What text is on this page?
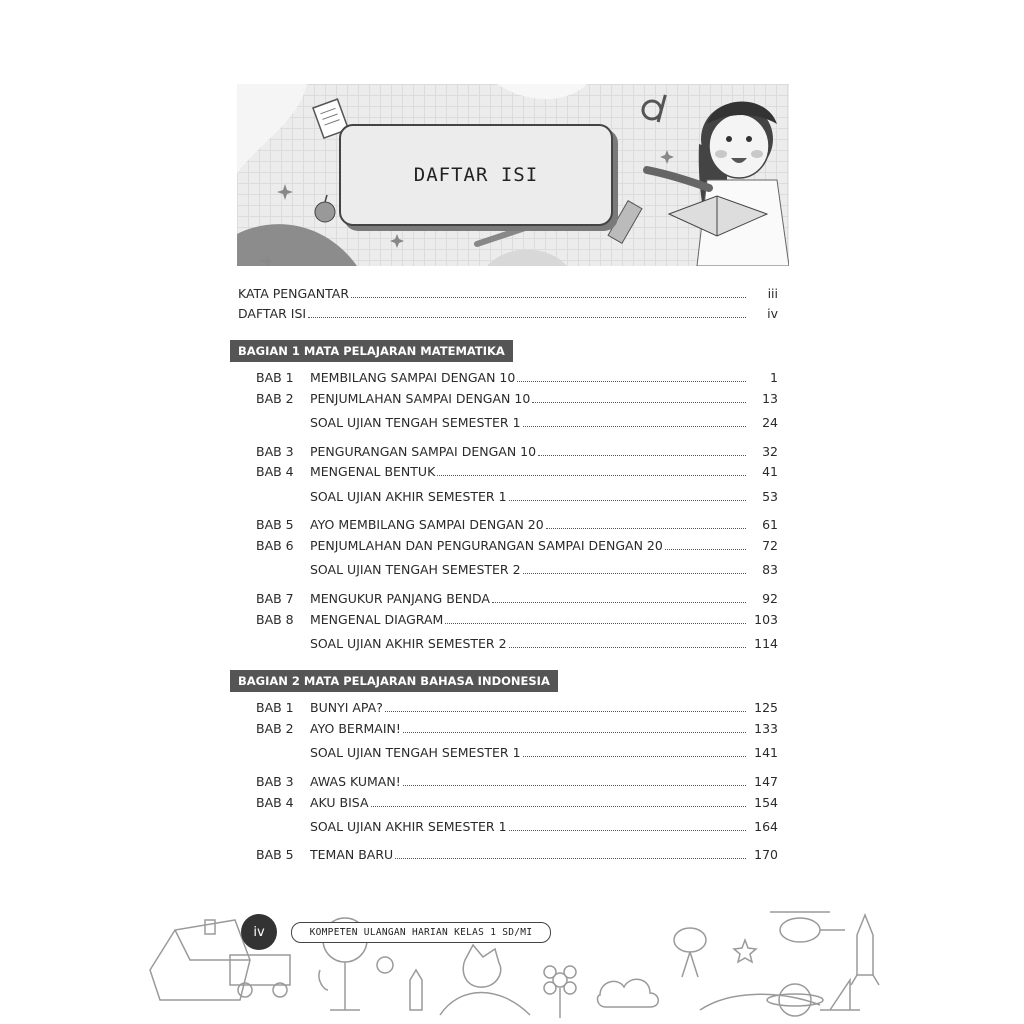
DAFTAR ISI
KATA PENGANTAR	iii
DAFTAR ISI	iv
BAGIAN 1 MATA PELAJARAN MATEMATIKA
BAB 1	MEMBILANG SAMPAI DENGAN 10	1
BAB 2	PENJUMLAHAN SAMPAI DENGAN 10	13
SOAL UJIAN TENGAH SEMESTER 1	24
BAB 3	PENGURANGAN SAMPAI DENGAN 10	32
BAB 4	MENGENAL BENTUK	41
SOAL UJIAN AKHIR SEMESTER 1	53
BAB 5	AYO MEMBILANG SAMPAI DENGAN 20	61
BAB 6	PENJUMLAHAN DAN PENGURANGAN SAMPAI DENGAN 20	72
SOAL UJIAN TENGAH SEMESTER 2	83
BAB 7	MENGUKUR PANJANG BENDA	92
BAB 8	MENGENAL DIAGRAM	103
SOAL UJIAN AKHIR SEMESTER 2	114
BAGIAN 2 MATA PELAJARAN BAHASA INDONESIA
BAB 1	BUNYI APA?	125
BAB 2	AYO BERMAIN!	133
SOAL UJIAN TENGAH SEMESTER 1	141
BAB 3	AWAS KUMAN!	147
BAB 4	AKU BISA	154
SOAL UJIAN AKHIR SEMESTER 1	164
BAB 5	TEMAN BARU	170
iv	KOMPETEN ULANGAN HARIAN KELAS 1 SD/MI
